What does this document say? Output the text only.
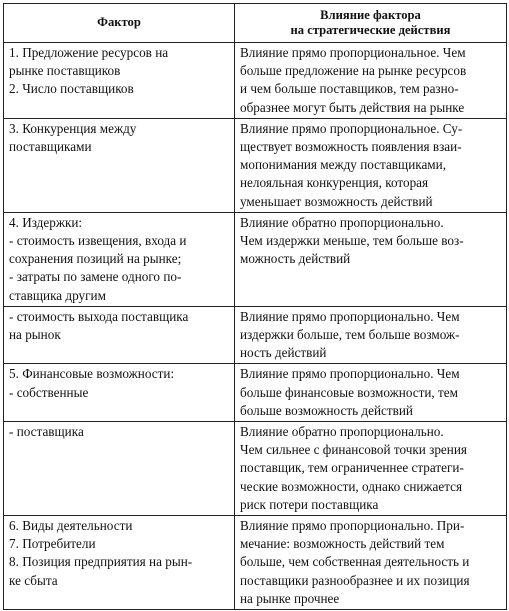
Фактор	Влияние фактора
на стратегические действия

1. Предложение ресурсов на
рынке поставщиков
2. Число поставщиков	Влияние прямо пропорциональное. Чем
больше предложение на рынке ресурсов
и чем больше поставщиков, тем разно-
образнее могут быть действия на рынке

3. Конкуренция между
поставщиками	Влияние прямо пропорциональное. Су-
ществует возможность появления взаи-
мопонимания между поставщиками,
нелояльная конкуренция, которая
уменьшает возможность действий

4. Издержки:
- стоимость извещения, входа и
сохранения позиций на рынке;
- затраты по замене одного по-
ставщика другим	Влияние обратно пропорционально.
Чем издержки меньше, тем больше воз-
можность действий

- стоимость выхода поставщика
на рынок	Влияние прямо пропорционально. Чем
издержки больше, тем больше возмож-
ность действий

5. Финансовые возможности:
- собственные	Влияние прямо пропорционально. Чем
больше финансовые возможности, тем
больше возможность действий

- поставщика	Влияние обратно пропорционально.
Чем сильнее с финансовой точки зрения
поставщик, тем ограниченнее стратеги-
ческие возможности, однако снижается
риск потери поставщика

6. Виды деятельности
7. Потребители
8. Позиция предприятия на рын-
ке сбыта	Влияние прямо пропорционально. При-
мечание: возможность действий тем
больше, чем собственная деятельность и
поставщики разнообразнее и их позиция
на рынке прочнее
